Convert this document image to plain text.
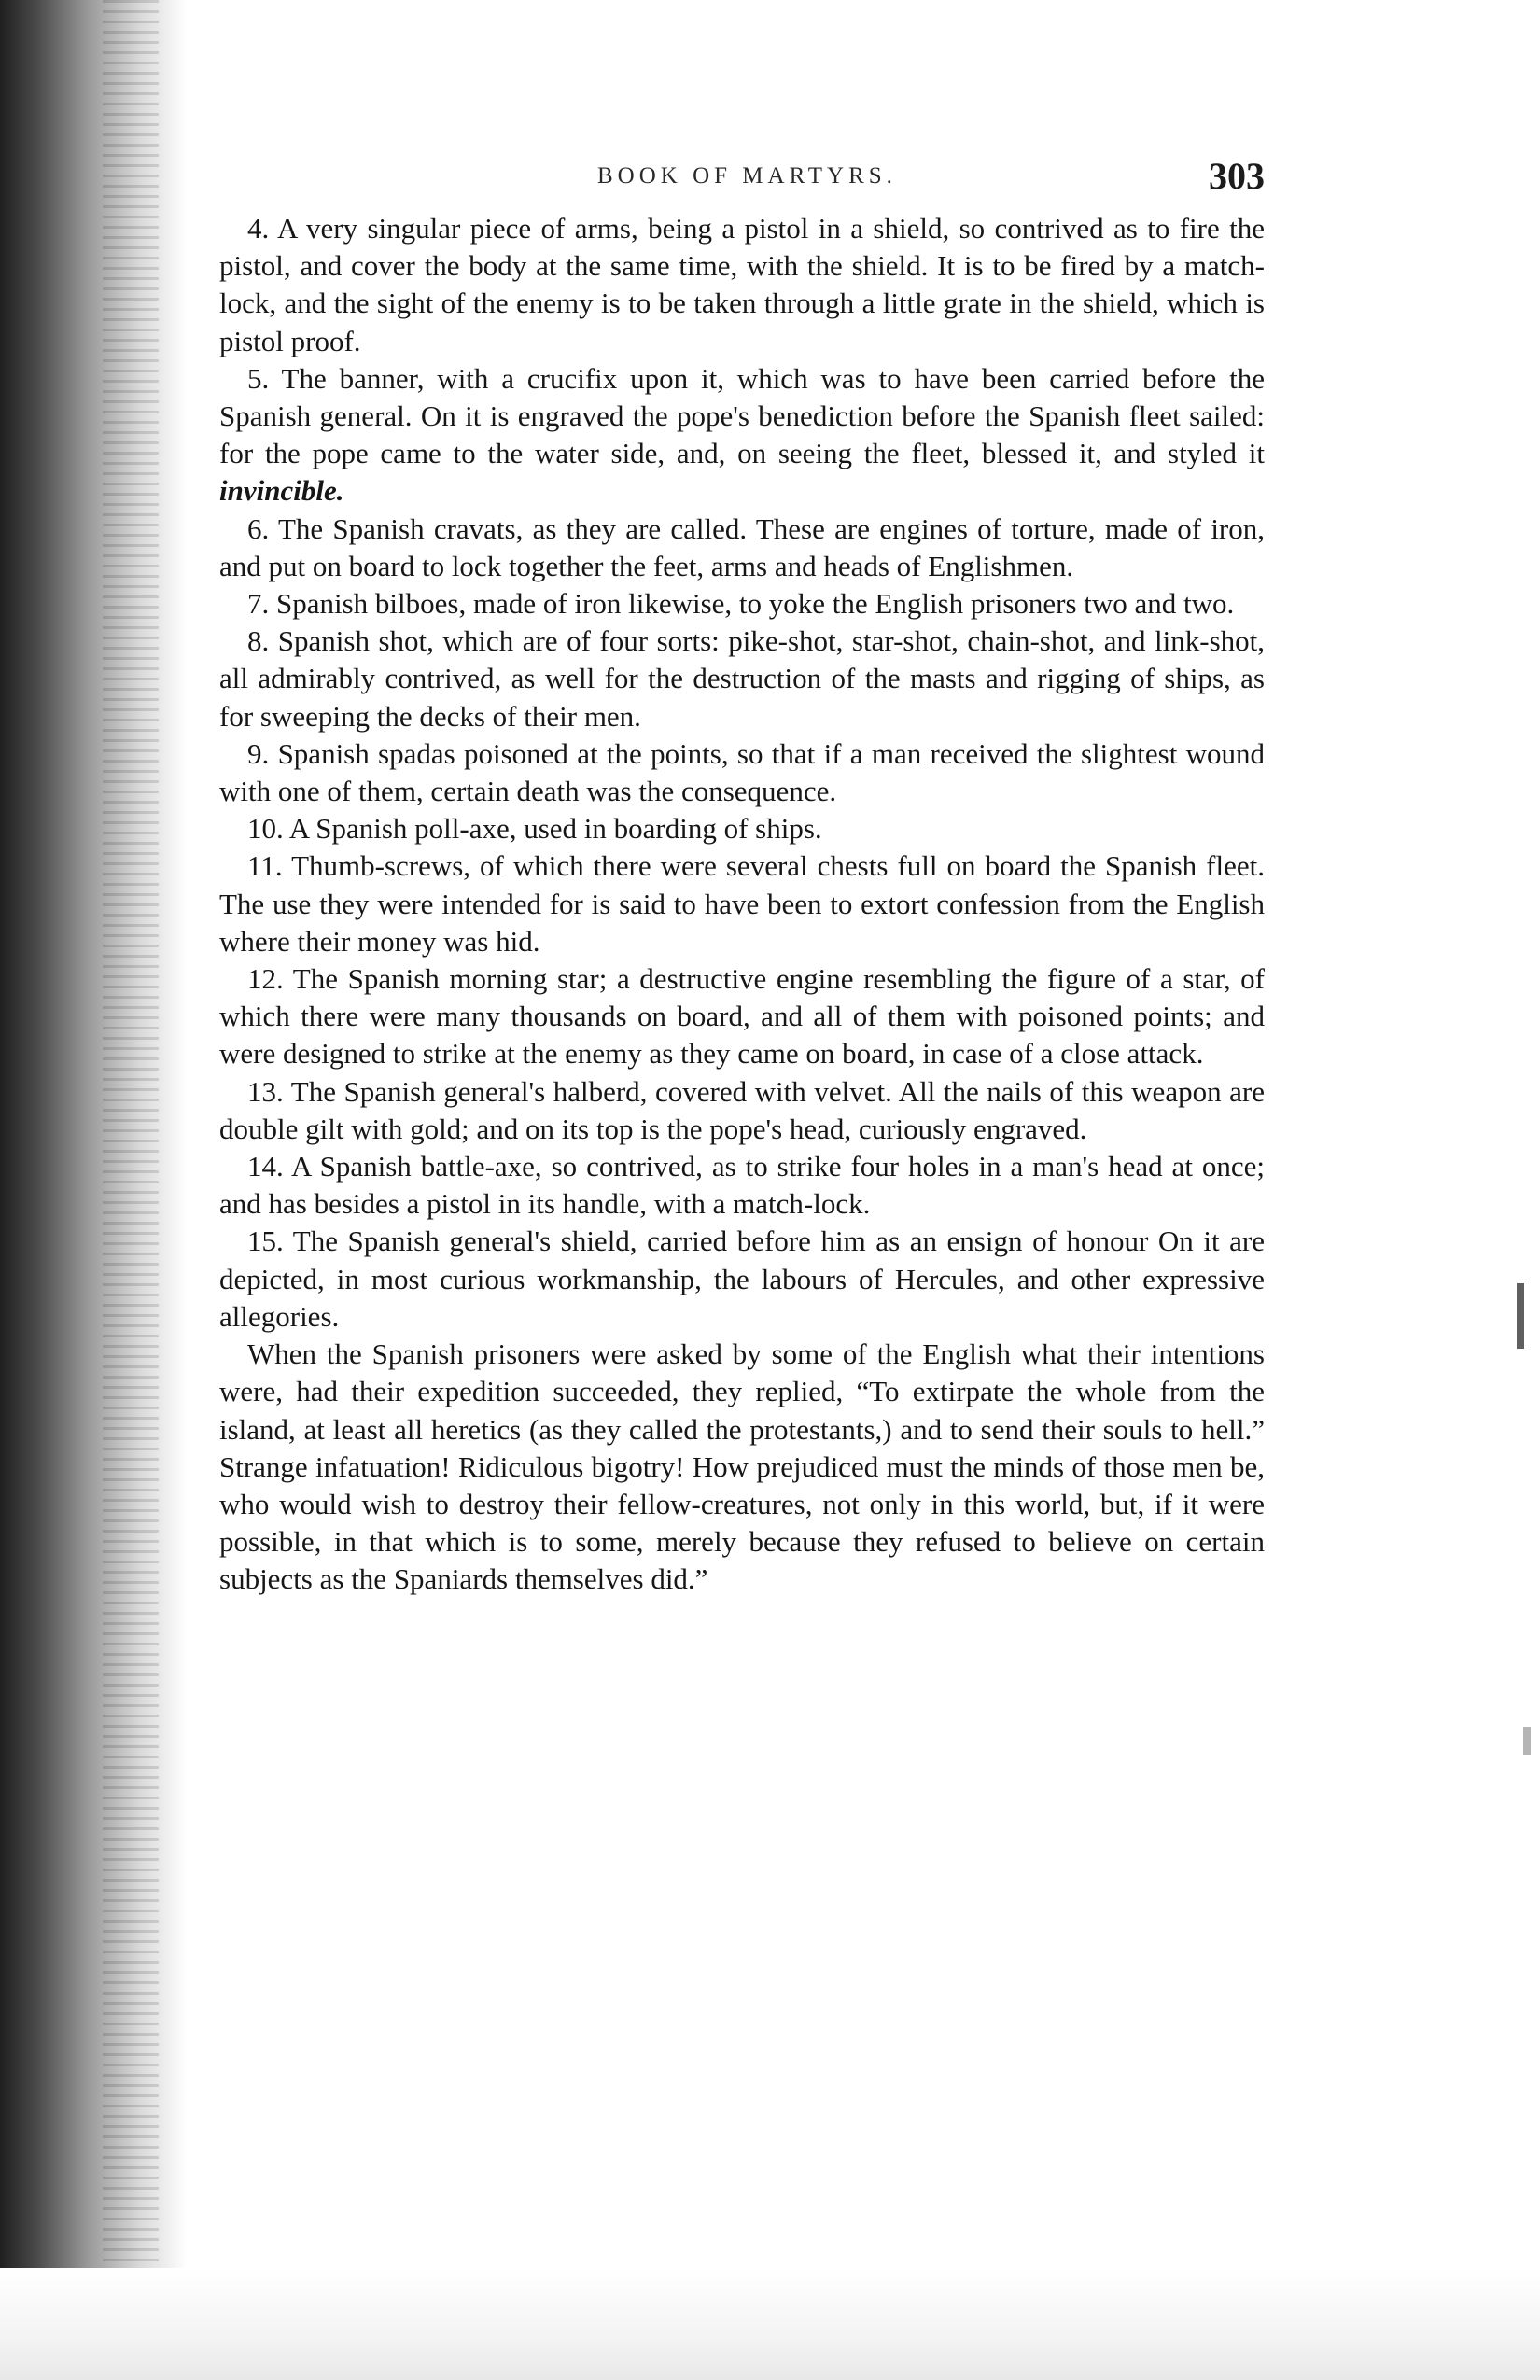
BOOK OF MARTYRS.	303

4. A very singular piece of arms, being a pistol in a shield, so contrived as to fire the pistol, and cover the body at the same time, with the shield. It is to be fired by a match-lock, and the sight of the enemy is to be taken through a little grate in the shield, which is pistol proof.

5. The banner, with a crucifix upon it, which was to have been carried before the Spanish general. On it is engraved the pope's benediction before the Spanish fleet sailed: for the pope came to the water side, and, on seeing the fleet, blessed it, and styled it invincible.

6. The Spanish cravats, as they are called. These are engines of torture, made of iron, and put on board to lock together the feet, arms and heads of Englishmen.

7. Spanish bilboes, made of iron likewise, to yoke the English prisoners two and two.

8. Spanish shot, which are of four sorts: pike-shot, star-shot, chain-shot, and link-shot, all admirably contrived, as well for the destruction of the masts and rigging of ships, as for sweeping the decks of their men.

9. Spanish spadas poisoned at the points, so that if a man received the slightest wound with one of them, certain death was the consequence.

10. A Spanish poll-axe, used in boarding of ships.

11. Thumb-screws, of which there were several chests full on board the Spanish fleet. The use they were intended for is said to have been to extort confession from the English where their money was hid.

12. The Spanish morning star; a destructive engine resembling the figure of a star, of which there were many thousands on board, and all of them with poisoned points; and were designed to strike at the enemy as they came on board, in case of a close attack.

13. The Spanish general's halberd, covered with velvet. All the nails of this weapon are double gilt with gold; and on its top is the pope's head, curiously engraved.

14. A Spanish battle-axe, so contrived, as to strike four holes in a man's head at once; and has besides a pistol in its handle, with a match-lock.

15. The Spanish general's shield, carried before him as an ensign of honour On it are depicted, in most curious workmanship, the labours of Hercules, and other expressive allegories.

When the Spanish prisoners were asked by some of the English what their intentions were, had their expedition succeeded, they replied, “To extirpate the whole from the island, at least all heretics (as they called the protestants,) and to send their souls to hell.” Strange infatuation! Ridiculous bigotry! How prejudiced must the minds of those men be, who would wish to destroy their fellow-creatures, not only in this world, but, if it were possible, in that which is to some, merely because they refused to believe on certain subjects as the Spaniards themselves did.”
